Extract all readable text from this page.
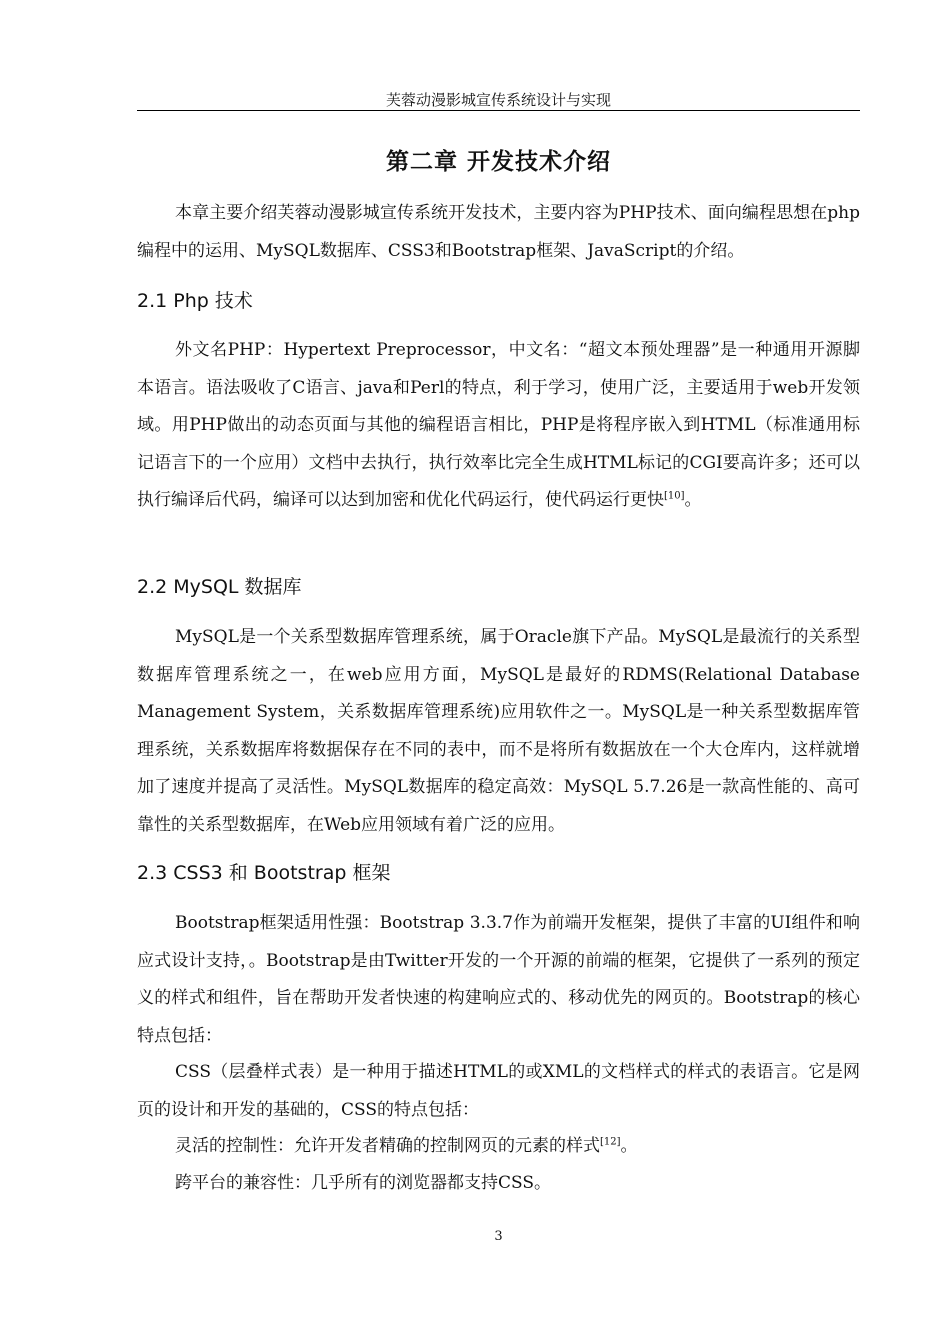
芙蓉动漫影城宣传系统设计与实现
第二章 开发技术介绍

本章主要介绍芙蓉动漫影城宣传系统开发技术，主要内容为PHP技术、面向编程思想在php编程中的运用、MySQL数据库、CSS3和Bootstrap框架、JavaScript的介绍。

2.1 Php 技术

外文名PHP：Hypertext Preprocessor，中文名：“超文本预处理器”是一种通用开源脚本语言。语法吸收了C语言、java和Perl的特点，利于学习，使用广泛，主要适用于web开发领域。用PHP做出的动态页面与其他的编程语言相比，PHP是将程序嵌入到HTML（标准通用标记语言下的一个应用）文档中去执行，执行效率比完全生成HTML标记的CGI要高许多；还可以执行编译后代码，编译可以达到加密和优化代码运行，使代码运行更快[10]。

2.2 MySQL 数据库

MySQL是一个关系型数据库管理系统，属于Oracle旗下产品。MySQL是最流行的关系型数据库管理系统之一，在web应用方面，MySQL是最好的RDMS(Relational Database Management System，关系数据库管理系统)应用软件之一。MySQL是一种关系型数据库管理系统，关系数据库将数据保存在不同的表中，而不是将所有数据放在一个大仓库内，这样就增加了速度并提高了灵活性。MySQL数据库的稳定高效：MySQL 5.7.26是一款高性能的、高可靠性的关系型数据库，在Web应用领域有着广泛的应用。

2.3 CSS3 和 Bootstrap 框架

Bootstrap框架适用性强：Bootstrap 3.3.7作为前端开发框架，提供了丰富的UI组件和响应式设计支持，。Bootstrap是由Twitter开发的一个开源的前端的框架，它提供了一系列的预定义的样式和组件，旨在帮助开发者快速的构建响应式的、移动优先的网页的。Bootstrap的核心特点包括：

CSS（层叠样式表）是一种用于描述HTML的或XML的文档样式的样式的表语言。它是网页的设计和开发的基础的，CSS的特点包括：

灵活的控制性：允许开发者精确的控制网页的元素的样式[12]。

跨平台的兼容性：几乎所有的浏览器都支持CSS。

3
